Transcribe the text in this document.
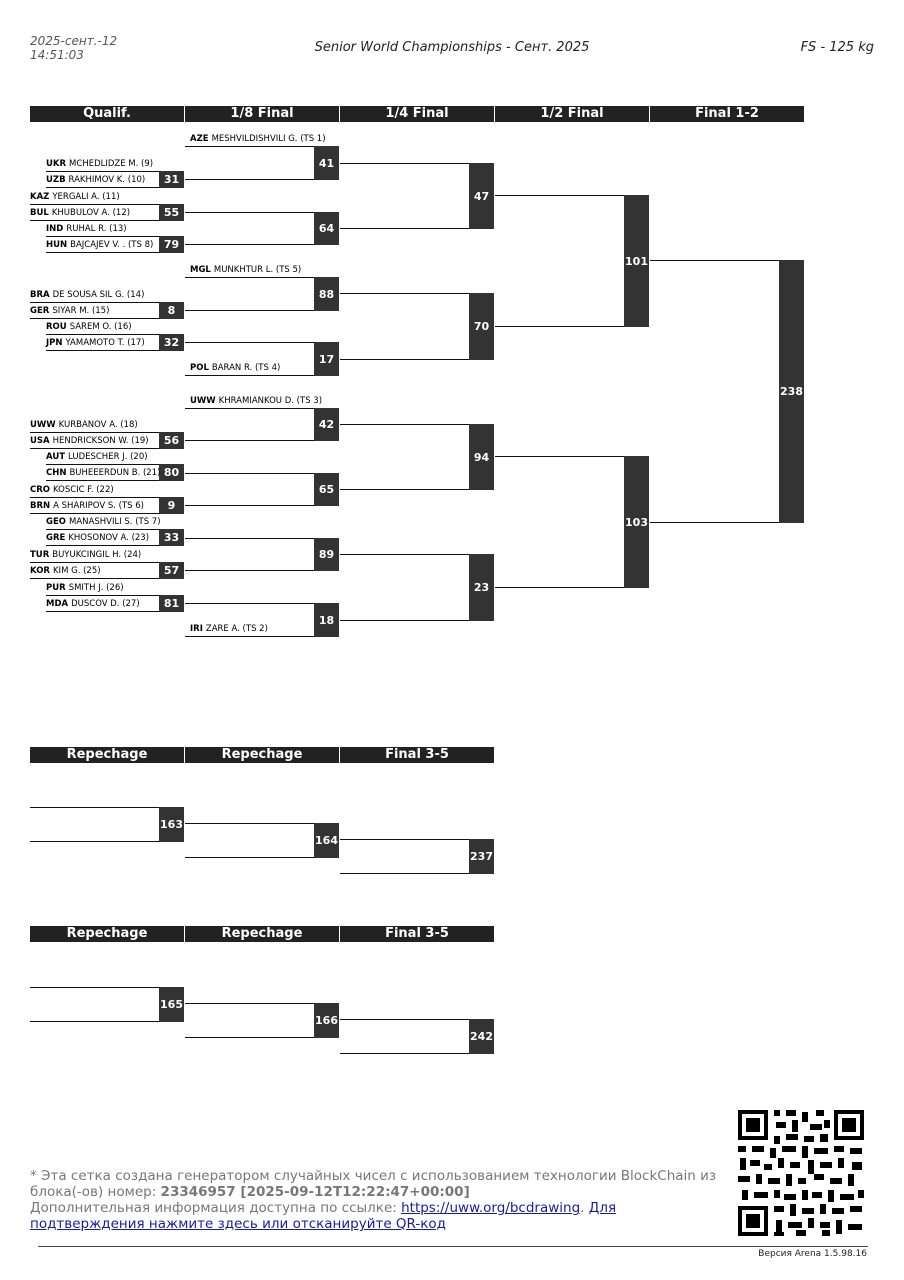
2025-сент.-12
14:51:03	Senior World Championships - Сент. 2025	FS - 125 kg
Qualif.	1/8 Final	1/4 Final	1/2 Final	Final 1-2
Repechage	Repechage	Final 3-5
Repechage	Repechage	Final 3-5
31
UKR MCHEDLIDZE M. (9)
UZB RAKHIMOV K. (10)
55
KAZ YERGALI A. (11)
BUL KHUBULOV A. (12)
79
IND RUHAL R. (13)
HUN BAJCAJEV V. . (TS 8)
8
BRA DE SOUSA SIL G. (14)
GER SIYAR M. (15)
32
ROU SAREM O. (16)
JPN YAMAMOTO T. (17)
56
UWW KURBANOV A. (18)
USA HENDRICKSON W. (19)
80
AUT LUDESCHER J. (20)
CHN BUHEEERDUN B. (21)
9
CRO KOSCIC F. (22)
BRN A SHARIPOV S. (TS 6)
33
GEO MANASHVILI S. (TS 7)
GRE KHOSONOV A. (23)
57
TUR BUYUKCINGIL H. (24)
KOR KIM G. (25)
81
PUR SMITH J. (26)
MDA DUSCOV D. (27)
41
AZE MESHVILDISHVILI G. (TS 1)
64
88
MGL MUNKHTUR L. (TS 5)
17
POL BARAN R. (TS 4)
42
UWW KHRAMIANKOU D. (TS 3)
65
89
18
IRI ZARE A. (TS 2)
47
70
94
23
101
103
238
163
164
237
165
166
242
* Эта сетка создана генератором случайных чисел с использованием технологии BlockChain из блока(-ов) номер: 23346957 [2025-09-12T12:22:47+00:00]
Дополнительная информация доступна по ссылке: https://uww.org/bcdrawing. Для подтверждения нажмите здесь или отсканируйте QR-код
Версия Arena 1.5.98.16
